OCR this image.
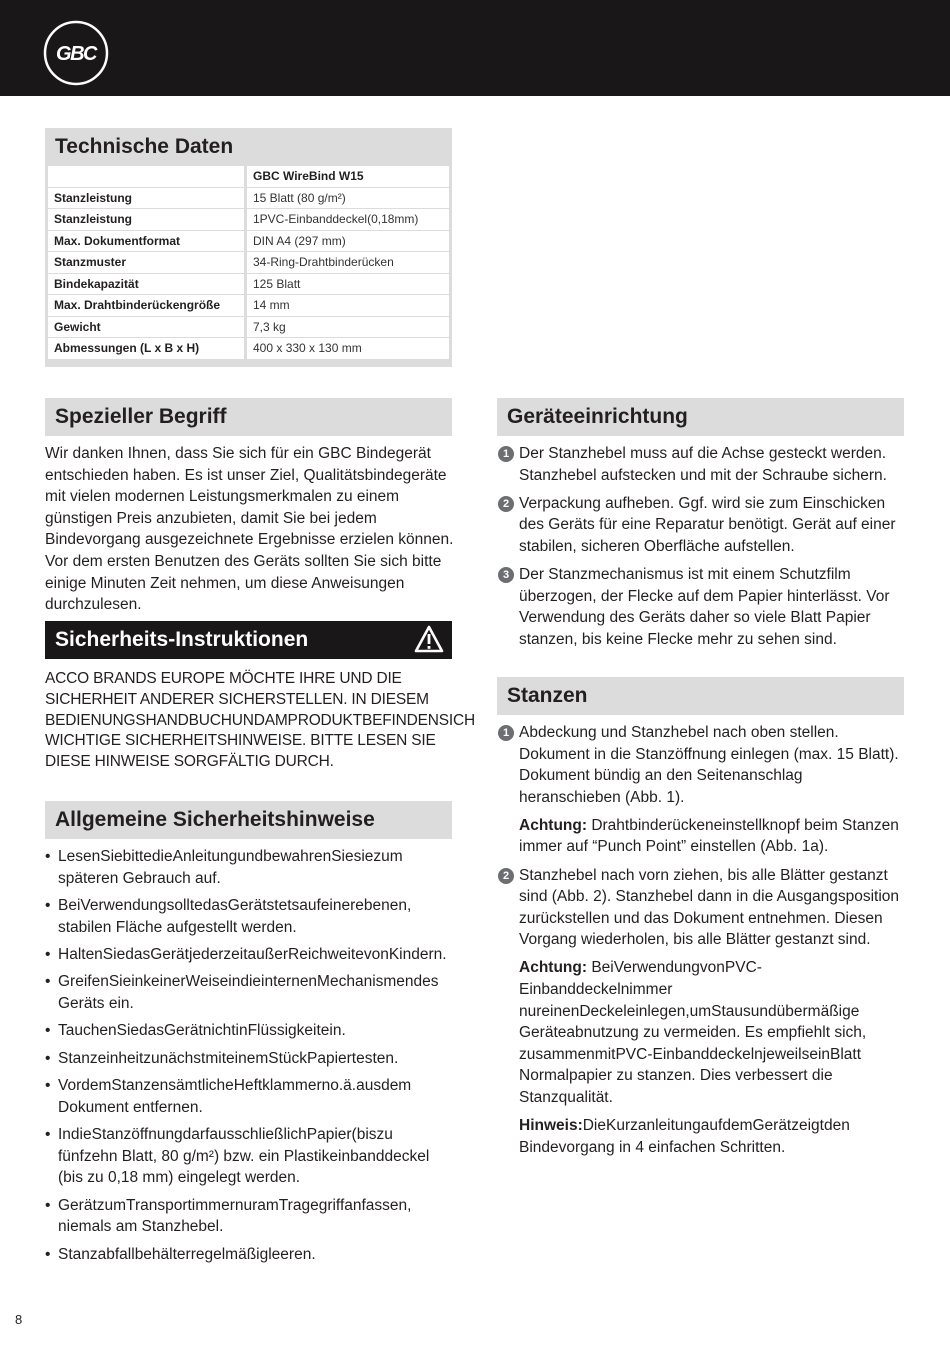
GBC
Technische Daten
	GBC WireBind W15
Stanzleistung	15 Blatt (80 g/m²)
Stanzleistung	1PVC-Einbanddeckel(0,18mm)
Max. Dokumentformat	DIN A4 (297 mm)
Stanzmuster	34-Ring-Drahtbinderücken
Bindekapazität	125 Blatt
Max. Drahtbinderückengröße	14 mm
Gewicht	7,3 kg
Abmessungen (L x B x H)	400 x 330 x 130 mm
Spezieller Begriff
Wir danken Ihnen, dass Sie sich für ein GBC Bindegerät entschieden haben. Es ist unser Ziel, Qualitätsbindegeräte mit vielen modernen Leistungsmerkmalen zu einem günstigen Preis anzubieten, damit Sie bei jedem Bindevorgang ausgezeichnete Ergebnisse erzielen können. Vor dem ersten Benutzen des Geräts sollten Sie sich bitte einige Minuten Zeit nehmen, um diese Anweisungen durchzulesen.
Sicherheits-Instruktionen
ACCO BRANDS EUROPE MÖCHTE IHRE UND DIE SICHERHEIT ANDERER SICHERSTELLEN. IN DIESEM BEDIENUNGSHANDBUCHUNDAMPRODUKTBEFINDENSICH WICHTIGE SICHERHEITSHINWEISE. BITTE LESEN SIE DIESE HINWEISE SORGFÄLTIG DURCH.
Allgemeine Sicherheitshinweise
• LesenSiebittedieAnleitungundbewahrenSiesiezum späteren Gebrauch auf.
• BeiVerwendungsolltedasGerätstetsaufeinerebenen, stabilen Fläche aufgestellt werden.
• HaltenSiedasGerätjederzeitaußerReichweitevonKindern.
• GreifenSieinkeinerWeiseindieinternenMechanismendes Geräts ein.
• TauchenSiedasGerätnichtinFlüssigkeitein.
• StanzeinheitzunächstmiteinemStückPapiertesten.
• VordemStanzensämtlicheHeftklammerno.ä.ausdem Dokument entfernen.
• IndieStanzöffnungdarfausschließlichPapier(biszu fünfzehn Blatt, 80 g/m²) bzw. ein Plastikeinbanddeckel (bis zu 0,18 mm) eingelegt werden.
• GerätzumTransportimmernuramTragegriffanfassen, niemals am Stanzhebel.
• Stanzabfallbehälterregelmäßigleeren.
Geräteeinrichtung
1 Der Stanzhebel muss auf die Achse gesteckt werden. Stanzhebel aufstecken und mit der Schraube sichern.
2 Verpackung aufheben. Ggf. wird sie zum Einschicken des Geräts für eine Reparatur benötigt. Gerät auf einer stabilen, sicheren Oberfläche aufstellen.
3 Der Stanzmechanismus ist mit einem Schutzfilm überzogen, der Flecke auf dem Papier hinterlässt. Vor Verwendung des Geräts daher so viele Blatt Papier stanzen, bis keine Flecke mehr zu sehen sind.
Stanzen
1 Abdeckung und Stanzhebel nach oben stellen. Dokument in die Stanzöffnung einlegen (max. 15 Blatt). Dokument bündig an den Seitenanschlag heranschieben (Abb. 1).
Achtung: Drahtbinderückeneinstellknopf beim Stanzen immer auf “Punch Point” einstellen (Abb. 1a).
2 Stanzhebel nach vorn ziehen, bis alle Blätter gestanzt sind (Abb. 2). Stanzhebel dann in die Ausgangsposition zurückstellen und das Dokument entnehmen. Diesen Vorgang wiederholen, bis alle Blätter gestanzt sind.
Achtung: BeiVerwendungvonPVC-Einbanddeckelnimmer nureinenDeckeleinlegen,umStausundübermäßige Geräteabnutzung zu vermeiden. Es empfiehlt sich, zusammenmitPVC-EinbanddeckelnjeweilseinBlatt Normalpapier zu stanzen. Dies verbessert die Stanzqualität.
Hinweis:DieKurzanleitungaufdemGerätzeigtden Bindevorgang in 4 einfachen Schritten.
8
